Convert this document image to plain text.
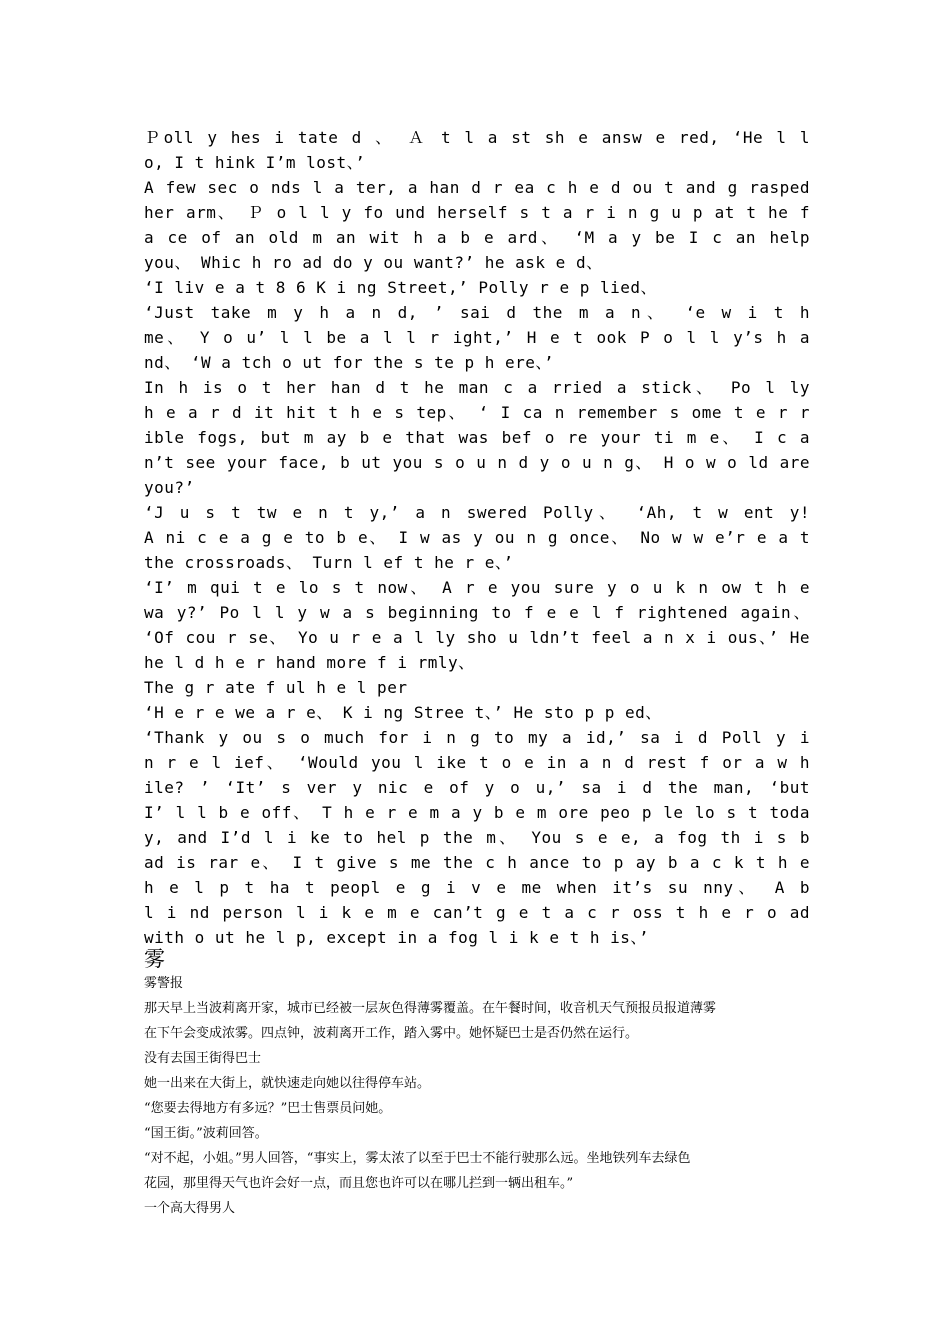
Ｐoll y hes i tate d 、 Ａ t l a st sh e answ e red, ‘He l l
o, I t hink I’m lost、’
A few sec o nds l a ter, a han d r ea c h e d ou t and g rasped
her arm、 Ｐ o l l y fo und herself s t a r i n g u p at t he f
a ce of an old m an wit h a b e ard、 ‘M a y be I c an help
you、 Whic h ro ad do y ou want?’ he ask e d、
‘I liv e a t 8 6 K i ng Street,’ Polly r e p lied、
‘Just take m y h a n d, ’ sai d the m a n、 ‘e w i t h
me、 Y o u’ l l be a l l r ight,’ H e t ook P o l l y’s h a
nd、 ‘W a tch o ut for the s te p h ere、’
In h is o t her han d t he man c a rried a stick、 Po l ly
h e a r d it hit t h e s tep、 ‘ I ca n remember s ome t e r r
ible fogs, but m ay b e that was bef o re your ti m e、 I c a
n’t see your face, b ut you s o u n d y o u n g、 H o w o ld are
you?’
‘J u s t tw e n t y,’ a n swered Polly、 ‘Ah, t w ent y!
A ni c e a g e to b e、 I w as y ou n g once、 No w w e’r e a t
the crossroads、 Turn l ef t he r e、’
‘I’ m qui t e lo s t now、 A r e you sure y o u k n ow t h e
wa y?’ Po l l y w a s beginning to f e e l f rightened again、
‘Of cou r se、 Yo u r e a l ly sho u ldn’t feel a n x i ous、’ He
he l d h e r hand more f i rmly、
The g r ate f ul h e l per
‘H e r e we a r e、 K i ng Stree t、’ He sto p p ed、
‘Thank y ou s o much for i n g to my a id,’ sa i d Poll y i
n r e l ief、 ‘Would you l ike t o e in a n d rest f or a w h
ile? ’ ‘It’ s ver y nic e of y o u,’ sa i d the man, ‘but
I’ l l b e off、 T h e r e m a y b e m ore peo p le lo s t toda
y, and I’d l i ke to hel p the m、 You s e e, a fog th i s b
ad is rar e、 I t give s me the c h ance to p ay b a c k t h e
h e l p t ha t peopl e g i v e me when it’s su nny、 A b
l i nd person l i k e m e can’t g e t a c r oss t h e r o ad
with o ut he l p, except in a fog l i k e t h is、’
雾
雾警报
那天早上当波莉离开家，城市已经被一层灰色得薄雾覆盖。在午餐时间，收音机天气预报员报道薄雾
在下午会变成浓雾。四点钟，波莉离开工作，踏入雾中。她怀疑巴士是否仍然在运行。
没有去国王街得巴士
她一出来在大街上，就快速走向她以往得停车站。
“您要去得地方有多远？”巴士售票员问她。
“国王街。”波莉回答。
“对不起，小姐。”男人回答，“事实上，雾太浓了以至于巴士不能行驶那么远。坐地铁列车去绿色
花园，那里得天气也许会好一点，而且您也许可以在哪儿拦到一辆出租车。”
一个高大得男人
